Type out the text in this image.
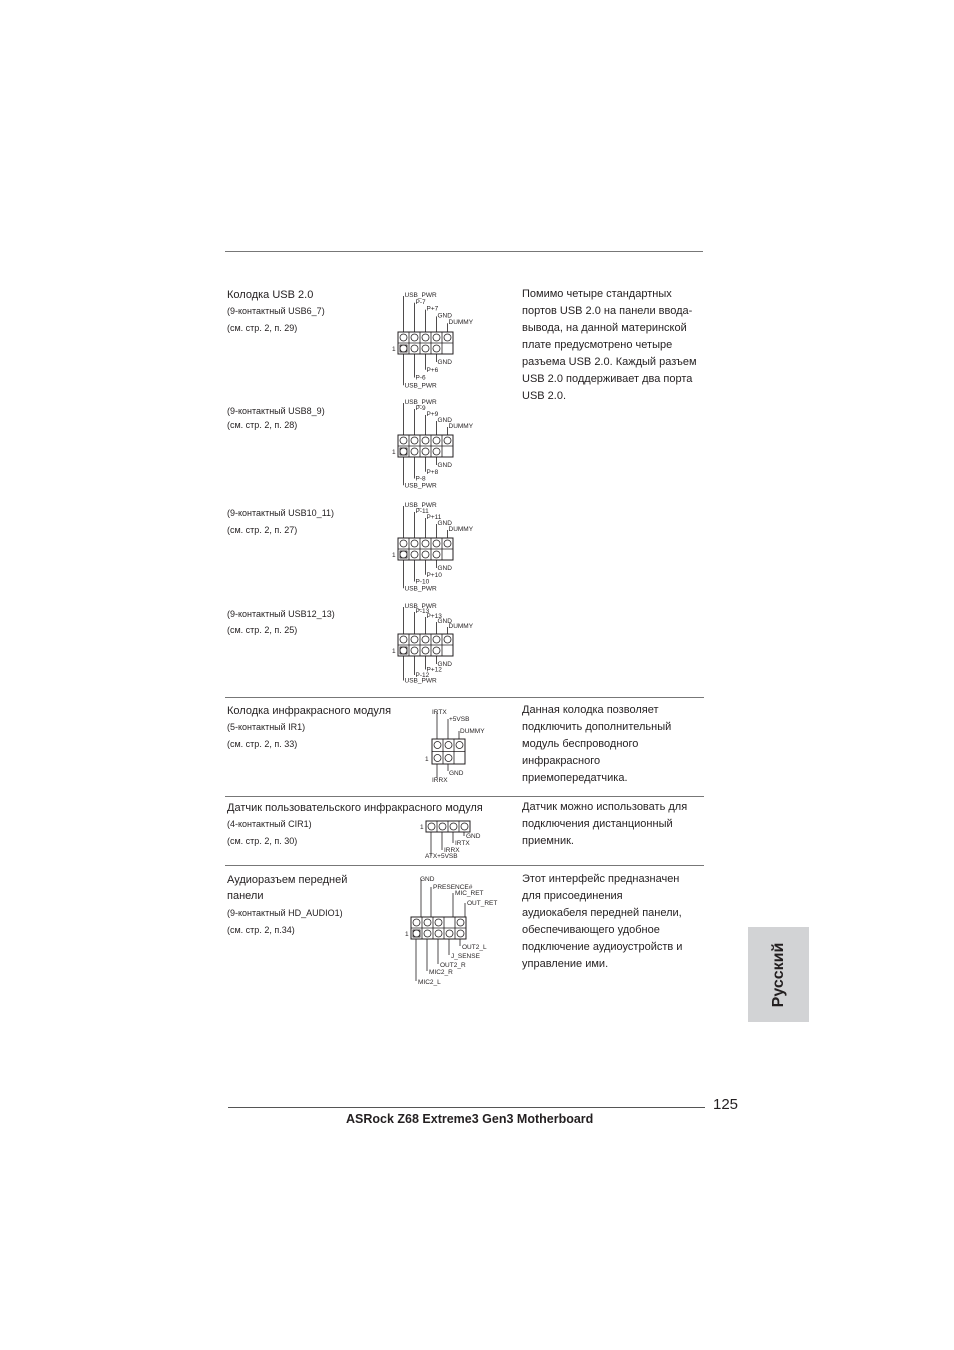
Колодка USB 2.0
(9-контактный USB6_7)
(см. стр. 2, п. 29)
(9-контактный USB8_9)
(см. стр. 2, п. 28)
(9-контактный USB10_11)
(см. стр. 2, п. 27)
(9-контактный USB12_13)
(см. стр. 2, п. 25)
Помимо четыре стандартных
портов USB 2.0 на панели ввода-
вывода, на данной материнской
плате предусмотрено четыре
разъема USB 2.0. Каждый разъем
USB 2.0 поддерживает два порта
USB 2.0.
1
USB_PWR
P-7
P+7
GND
DUMMY
GND
P+6
P-6
USB_PWR
1
USB_PWR
P-9
P+9
GND
DUMMY
GND
P+8
P-8
USB_PWR
1
USB_PWR
P-11
P+11
GND
DUMMY
GND
P+10
P-10
USB_PWR
1
USB_PWR
P-13
P+13
GND
DUMMY
GND
P+12
P-12
USB_PWR
Колодка инфракрасного модуля
(5-контактный IR1)
(см. стр. 2, п. 33)
Данная колодка позволяет
подключить дополнительный
модуль беспроводного
инфракрасного
приемопередатчика.
1
IRTX
+5VSB
DUMMY
GND
IRRX
Датчик пользовательского инфракрасного модуля
(4-контактный CIR1)
(см. стр. 2, п. 30)
Датчик можно использовать для
подключения дистанционный
приемник.
1
GND
IRTX
IRRX
ATX+5VSB
Аудиоразъем передней
панели
(9-контактный HD_AUDIO1)
(см. стр. 2, п.34)
Этот интерфейс предназначен
для присоединения
аудиокабеля передней панели,
обеспечивающего удобное
подключение аудиоустройств и
управление ими.
1
GND
PRESENCE#
MIC_RET
OUT_RET
OUT2_L
J_SENSE
OUT2_R
MIC2_R
MIC2_L	Русский
125
ASRock Z68 Extreme3 Gen3 Motherboard
